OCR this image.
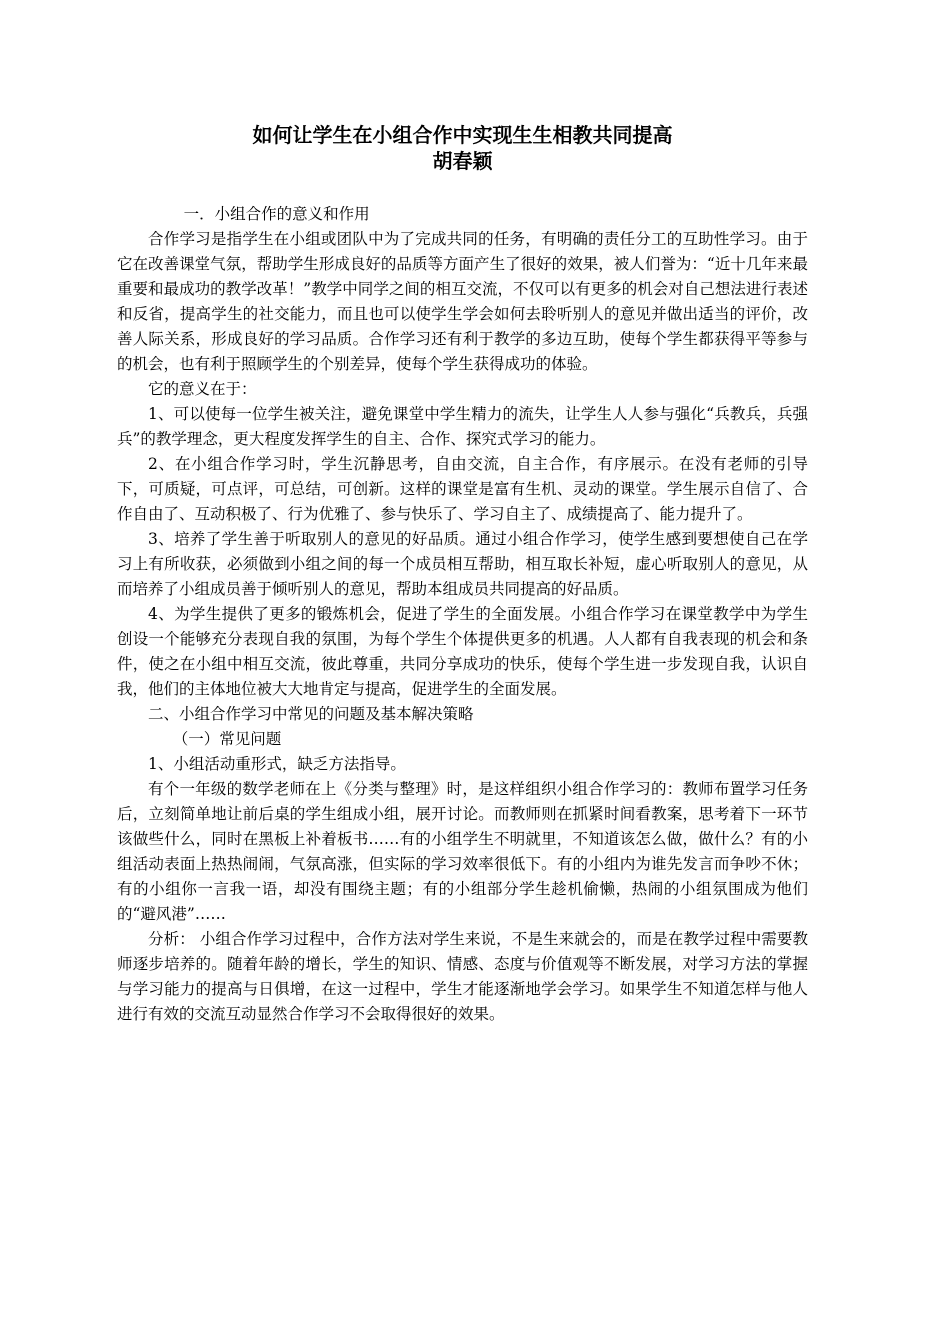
如何让学生在小组合作中实现生生相教共同提高
胡春颖

一．小组合作的意义和作用

合作学习是指学生在小组或团队中为了完成共同的任务，有明确的责任分工的互助性学习。由于它在改善课堂气氛，帮助学生形成良好的品质等方面产生了很好的效果，被人们誉为：“近十几年来最重要和最成功的教学改革！”教学中同学之间的相互交流，不仅可以有更多的机会对自己想法进行表述和反省，提高学生的社交能力，而且也可以使学生学会如何去聆听别人的意见并做出适当的评价，改善人际关系，形成良好的学习品质。合作学习还有利于教学的多边互助，使每个学生都获得平等参与的机会，也有利于照顾学生的个别差异，使每个学生获得成功的体验。

它的意义在于：

1、可以使每一位学生被关注，避免课堂中学生精力的流失，让学生人人参与强化“兵教兵，兵强兵”的教学理念，更大程度发挥学生的自主、合作、探究式学习的能力。

2、在小组合作学习时，学生沉静思考，自由交流，自主合作，有序展示。在没有老师的引导下，可质疑，可点评，可总结，可创新。这样的课堂是富有生机、灵动的课堂。学生展示自信了、合作自由了、互动积极了、行为优雅了、参与快乐了、学习自主了、成绩提高了、能力提升了。

3、培养了学生善于听取别人的意见的好品质。通过小组合作学习，使学生感到要想使自己在学习上有所收获，必须做到小组之间的每一个成员相互帮助，相互取长补短，虚心听取别人的意见，从而培养了小组成员善于倾听别人的意见，帮助本组成员共同提高的好品质。

4、为学生提供了更多的锻炼机会，促进了学生的全面发展。小组合作学习在课堂教学中为学生创设一个能够充分表现自我的氛围，为每个学生个体提供更多的机遇。人人都有自我表现的机会和条件，使之在小组中相互交流，彼此尊重，共同分享成功的快乐，使每个学生进一步发现自我，认识自我，他们的主体地位被大大地肯定与提高，促进学生的全面发展。

二、小组合作学习中常见的问题及基本解决策略

（一）常见问题

1、小组活动重形式，缺乏方法指导。

有个一年级的数学老师在上《分类与整理》时，是这样组织小组合作学习的：教师布置学习任务后，立刻简单地让前后桌的学生组成小组，展开讨论。而教师则在抓紧时间看教案，思考着下一环节该做些什么，同时在黑板上补着板书……有的小组学生不明就里，不知道该怎么做，做什么？有的小组活动表面上热热闹闹，气氛高涨，但实际的学习效率很低下。有的小组内为谁先发言而争吵不休；有的小组你一言我一语，却没有围绕主题；有的小组部分学生趁机偷懒，热闹的小组氛围成为他们的“避风港”……

分析： 小组合作学习过程中，合作方法对学生来说，不是生来就会的，而是在教学过程中需要教师逐步培养的。随着年龄的增长，学生的知识、情感、态度与价值观等不断发展，对学习方法的掌握与学习能力的提高与日俱增，在这一过程中，学生才能逐渐地学会学习。如果学生不知道怎样与他人进行有效的交流互动显然合作学习不会取得很好的效果。
